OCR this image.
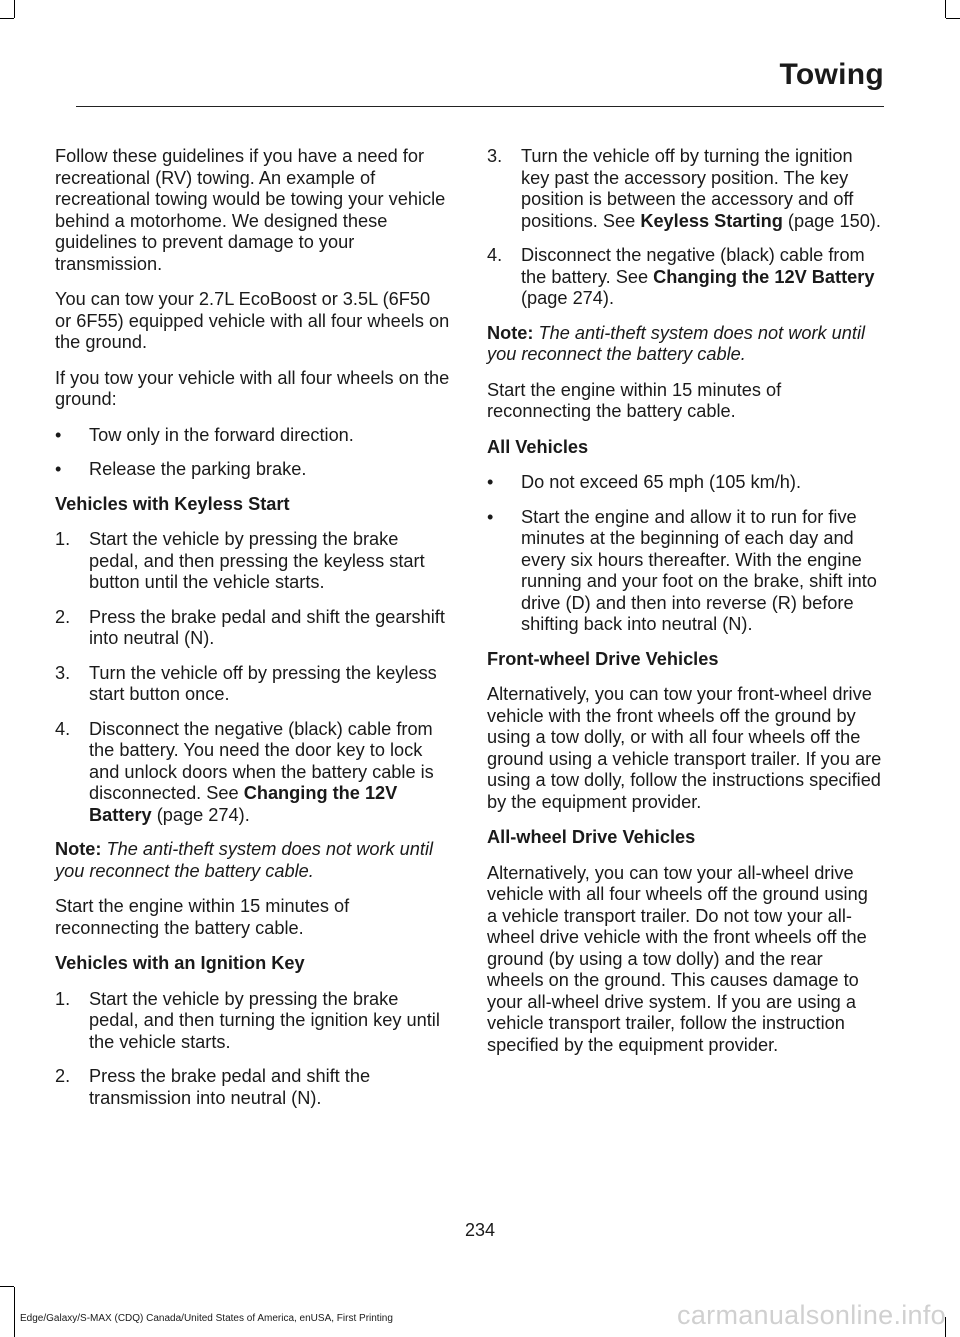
Towing

Follow these guidelines if you have a need for recreational (RV) towing. An example of recreational towing would be towing your vehicle behind a motorhome. We designed these guidelines to prevent damage to your transmission.

You can tow your 2.7L EcoBoost or 3.5L (6F50 or 6F55) equipped vehicle with all four wheels on the ground.

If you tow your vehicle with all four wheels on the ground:

• Tow only in the forward direction.
• Release the parking brake.
Vehicles with Keyless Start
1. Start the vehicle by pressing the brake pedal, and then pressing the keyless start button until the vehicle starts.
2. Press the brake pedal and shift the gearshift into neutral (N).
3. Turn the vehicle off by pressing the keyless start button once.
4. Disconnect the negative (black) cable from the battery. You need the door key to lock and unlock doors when the battery cable is disconnected. See Changing the 12V Battery (page 274).

Note: The anti-theft system does not work until you reconnect the battery cable.

Start the engine within 15 minutes of reconnecting the battery cable.

Vehicles with an Ignition Key
1. Start the vehicle by pressing the brake pedal, and then turning the ignition key until the vehicle starts.
2. Press the brake pedal and shift the transmission into neutral (N).
3. Turn the vehicle off by turning the ignition key past the accessory position. The key position is between the accessory and off positions. See Keyless Starting (page 150).
4. Disconnect the negative (black) cable from the battery. See Changing the 12V Battery (page 274).

Note: The anti-theft system does not work until you reconnect the battery cable.

Start the engine within 15 minutes of reconnecting the battery cable.

All Vehicles
• Do not exceed 65 mph (105 km/h).
• Start the engine and allow it to run for five minutes at the beginning of each day and every six hours thereafter. With the engine running and your foot on the brake, shift into drive (D) and then into reverse (R) before shifting back into neutral (N).
Front-wheel Drive Vehicles

Alternatively, you can tow your front-wheel drive vehicle with the front wheels off the ground by using a tow dolly, or with all four wheels off the ground using a vehicle transport trailer. If you are using a tow dolly, follow the instructions specified by the equipment provider.

All-wheel Drive Vehicles

Alternatively, you can tow your all-wheel drive vehicle with all four wheels off the ground using a vehicle transport trailer. Do not tow your all-wheel drive vehicle with the front wheels off the ground (by using a tow dolly) and the rear wheels on the ground. This causes damage to your all-wheel drive system. If you are using a vehicle transport trailer, follow the instruction specified by the equipment provider.

234
Edge/Galaxy/S-MAX (CDQ) Canada/United States of America, enUSA, First Printing	carmanualsonline.info
